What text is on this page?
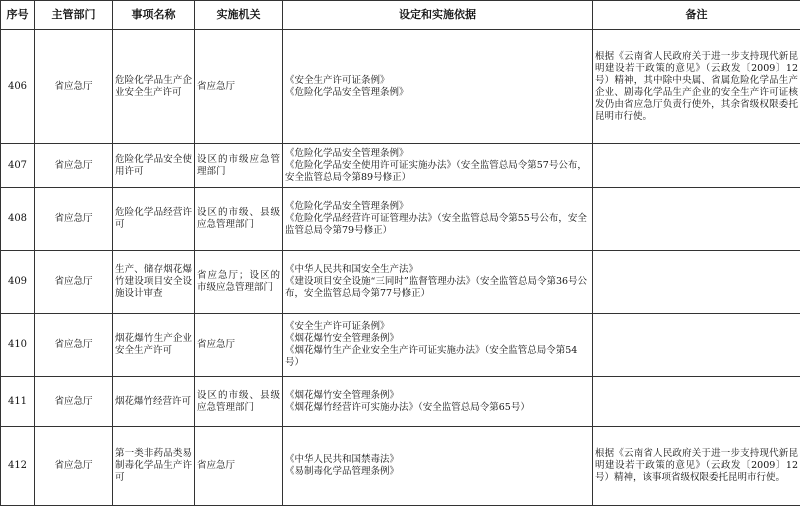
序号	主管部门	事项名称	实施机关	设定和实施依据	备注
406	省应急厅	危险化学品生产企业安全生产许可	省应急厅	《安全生产许可证条例》
《危险化学品安全管理条例》	根据《云南省人民政府关于进一步支持现代新昆明建设若干政策的意见》（云政发〔2009〕12号）精神，其中除中央属、省属危险化学品生产企业、剧毒化学品生产企业的安全生产许可证核发仍由省应急厅负责行使外，其余省级权限委托昆明市行使。
407	省应急厅	危险化学品安全使用许可	设区的市级应急管理部门	《危险化学品安全管理条例》
《危险化学品安全使用许可证实施办法》（安全监管总局令第57号公布，安全监管总局令第89号修正）	

408	省应急厅	危险化学品经营许可	设区的市级、县级应急管理部门	《危险化学品安全管理条例》
《危险化学品经营许可证管理办法》（安全监管总局令第55号公布，安全监管总局令第79号修正）	

409	省应急厅	生产、储存烟花爆竹建设项目安全设施设计审查	省应急厅；设区的市级应急管理部门	《中华人民共和国安全生产法》
《建设项目安全设施“三同时”监督管理办法》（安全监管总局令第36号公布，安全监管总局令第77号修正）	

410	省应急厅	烟花爆竹生产企业安全生产许可	省应急厅	《安全生产许可证条例》
《烟花爆竹安全管理条例》
《烟花爆竹生产企业安全生产许可证实施办法》（安全监管总局令第54号）	

411	省应急厅	烟花爆竹经营许可	设区的市级、县级应急管理部门	《烟花爆竹安全管理条例》
《烟花爆竹经营许可实施办法》（安全监管总局令第65号）	

412	省应急厅	第一类非药品类易制毒化学品生产许可	省应急厅	《中华人民共和国禁毒法》
《易制毒化学品管理条例》	根据《云南省人民政府关于进一步支持现代新昆明建设若干政策的意见》（云政发〔2009〕12号）精神，该事项省级权限委托昆明市行使。
